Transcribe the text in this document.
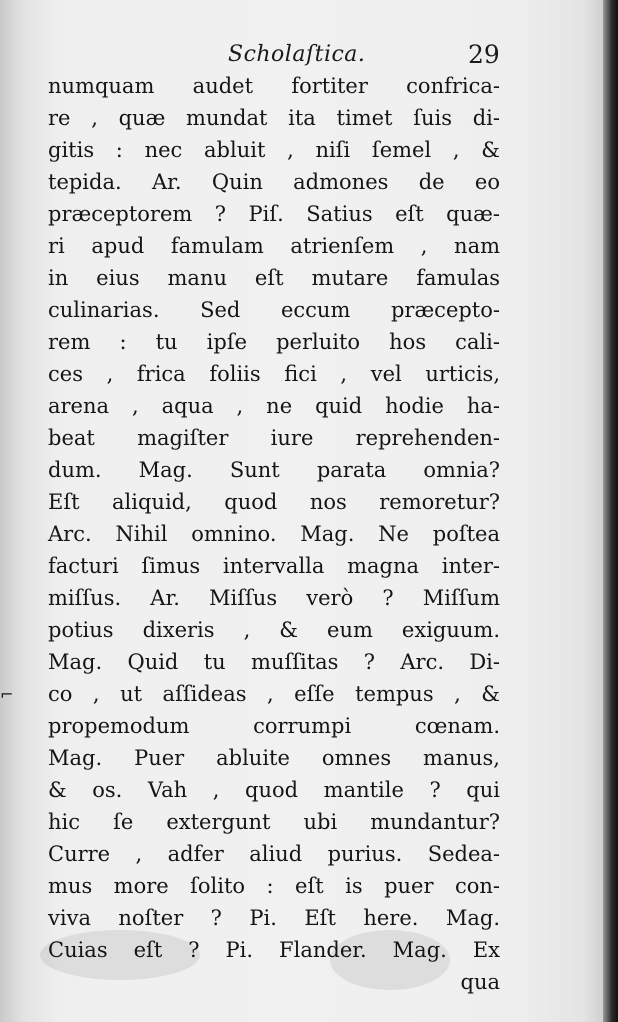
⌐
Scholaſtica.	29
numquam audet fortiter confrica-
re , quæ mundat ita timet ſuis di-
gitis : nec abluit , niſi ſemel , &
tepida. Ar. Quin admones de eo
præceptorem ? Piſ. Satius eſt quæ-
ri apud famulam atrienſem , nam
in eius manu eſt mutare famulas
culinarias. Sed eccum præcepto-
rem : tu ipſe perluito hos cali-
ces , frica foliis fici , vel urticis,
arena , aqua , ne quid hodie ha-
beat magiſter iure reprehenden-
dum. Mag. Sunt parata omnia?
Eſt aliquid, quod nos remoretur?
Arc. Nihil omnino. Mag. Ne poſtea
facturi ſimus intervalla magna inter-
miſſus. Ar. Miſſus verò ? Miſſum
potius dixeris , & eum exiguum.
Mag. Quid tu muſſitas ? Arc. Di-
co , ut aſſideas , eſſe tempus , &
propemodum corrumpi cœnam.
Mag. Puer abluite omnes manus,
& os. Vah , quod mantile ? qui
hic ſe extergunt ubi mundantur?
Curre , adfer aliud purius. Sedea-
mus more ſolito : eſt is puer con-
viva noſter ? Pi. Eſt here. Mag.
Cuias eſt ? Pi. Flander. Mag. Ex
qua
